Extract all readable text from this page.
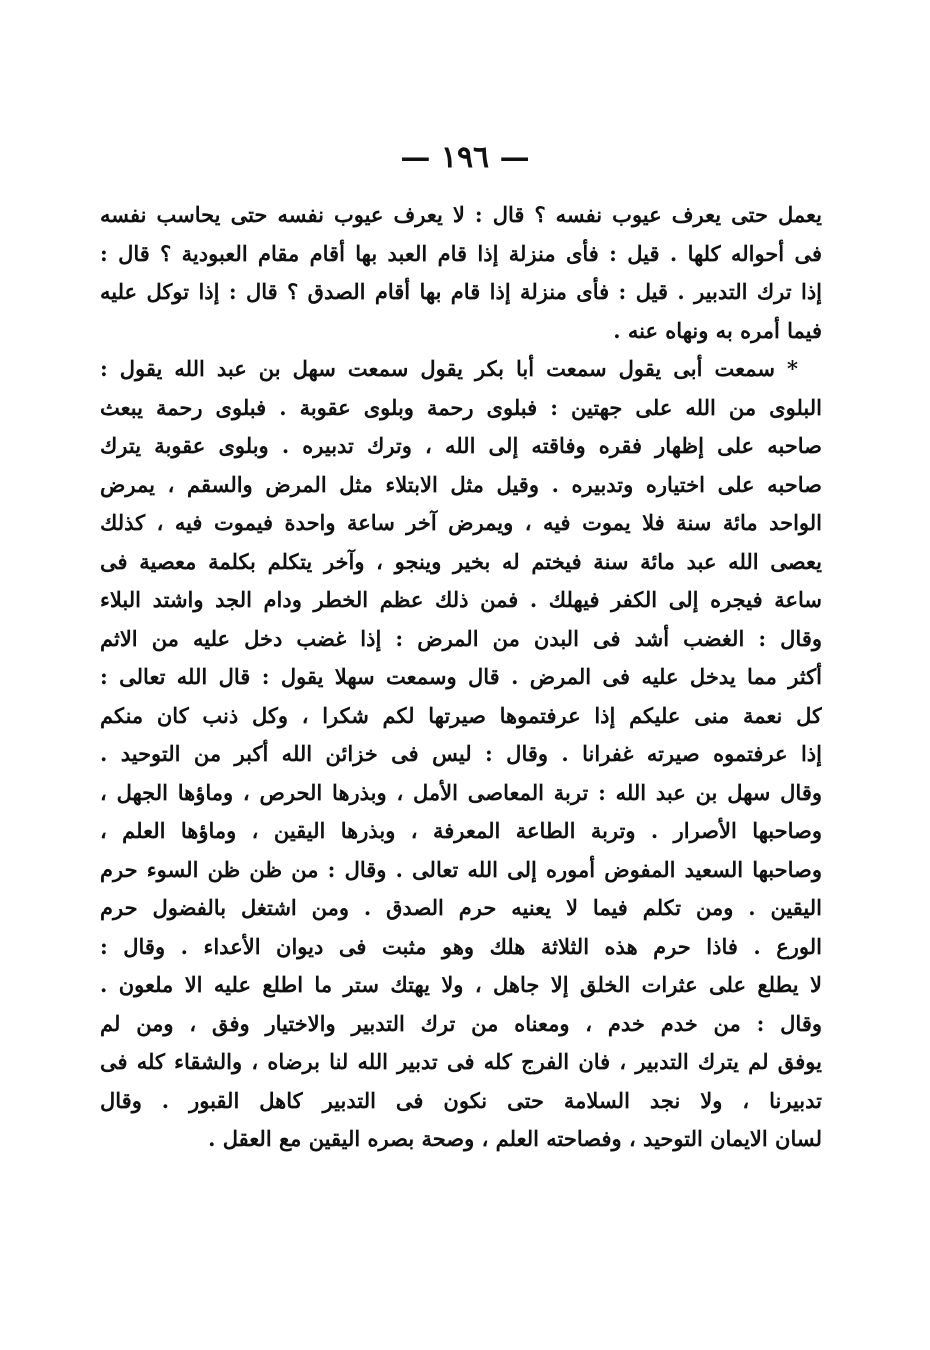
— ١٩٦ —
يعمل حتى يعرف عيوب نفسه ؟ قال : لا يعرف عيوب نفسه حتى يحاسب نفسه
فى أحواله كلها . قيل : فأى منزلة إذا قام العبد بها أقام مقام العبودية ؟ قال :
إذا ترك التدبير . قيل : فأى منزلة إذا قام بها أقام الصدق ؟ قال : إذا توكل عليه
فيما أمره به ونهاه عنه .
* سمعت أبى يقول سمعت أبا بكر يقول سمعت سهل بن عبد الله يقول :
البلوى من الله على جهتين : فبلوى رحمة وبلوى عقوبة . فبلوى رحمة يبعث
صاحبه على إظهار فقره وفاقته إلى الله ، وترك تدبيره . وبلوى عقوبة يترك
صاحبه على اختياره وتدبيره . وقيل مثل الابتلاء مثل المرض والسقم ، يمرض
الواحد مائة سنة فلا يموت فيه ، ويمرض آخر ساعة واحدة فيموت فيه ، كذلك
يعصى الله عبد مائة سنة فيختم له بخير وينجو ، وآخر يتكلم بكلمة معصية فى
ساعة فيجره إلى الكفر فيهلك . فمن ذلك عظم الخطر ودام الجد واشتد البلاء
وقال : الغضب أشد فى البدن من المرض : إذا غضب دخل عليه من الاثم
أكثر مما يدخل عليه فى المرض . قال وسمعت سهلا يقول : قال الله تعالى :
كل نعمة منى عليكم إذا عرفتموها صيرتها لكم شكرا ، وكل ذنب كان منكم
إذا عرفتموه صيرته غفرانا . وقال : ليس فى خزائن الله أكبر من التوحيد .
وقال سهل بن عبد الله : تربة المعاصى الأمل ، وبذرها الحرص ، وماؤها الجهل ،
وصاحبها الأصرار . وتربة الطاعة المعرفة ، وبذرها اليقين ، وماؤها العلم ،
وصاحبها السعيد المفوض أموره إلى الله تعالى . وقال : من ظن ظن السوء حرم
اليقين . ومن تكلم فيما لا يعنيه حرم الصدق . ومن اشتغل بالفضول حرم
الورع . فاذا حرم هذه الثلاثة هلك وهو مثبت فى ديوان الأعداء . وقال :
لا يطلع على عثرات الخلق إلا جاهل ، ولا يهتك ستر ما اطلع عليه الا ملعون .
وقال : من خدم خدم ، ومعناه من ترك التدبير والاختيار وفق ، ومن لم
يوفق لم يترك التدبير ، فان الفرج كله فى تدبير الله لنا برضاه ، والشقاء كله فى
تدبيرنا ، ولا نجد السلامة حتى نكون فى التدبير كاهل القبور . وقال
لسان الايمان التوحيد ، وفصاحته العلم ، وصحة بصره اليقين مع العقل .
